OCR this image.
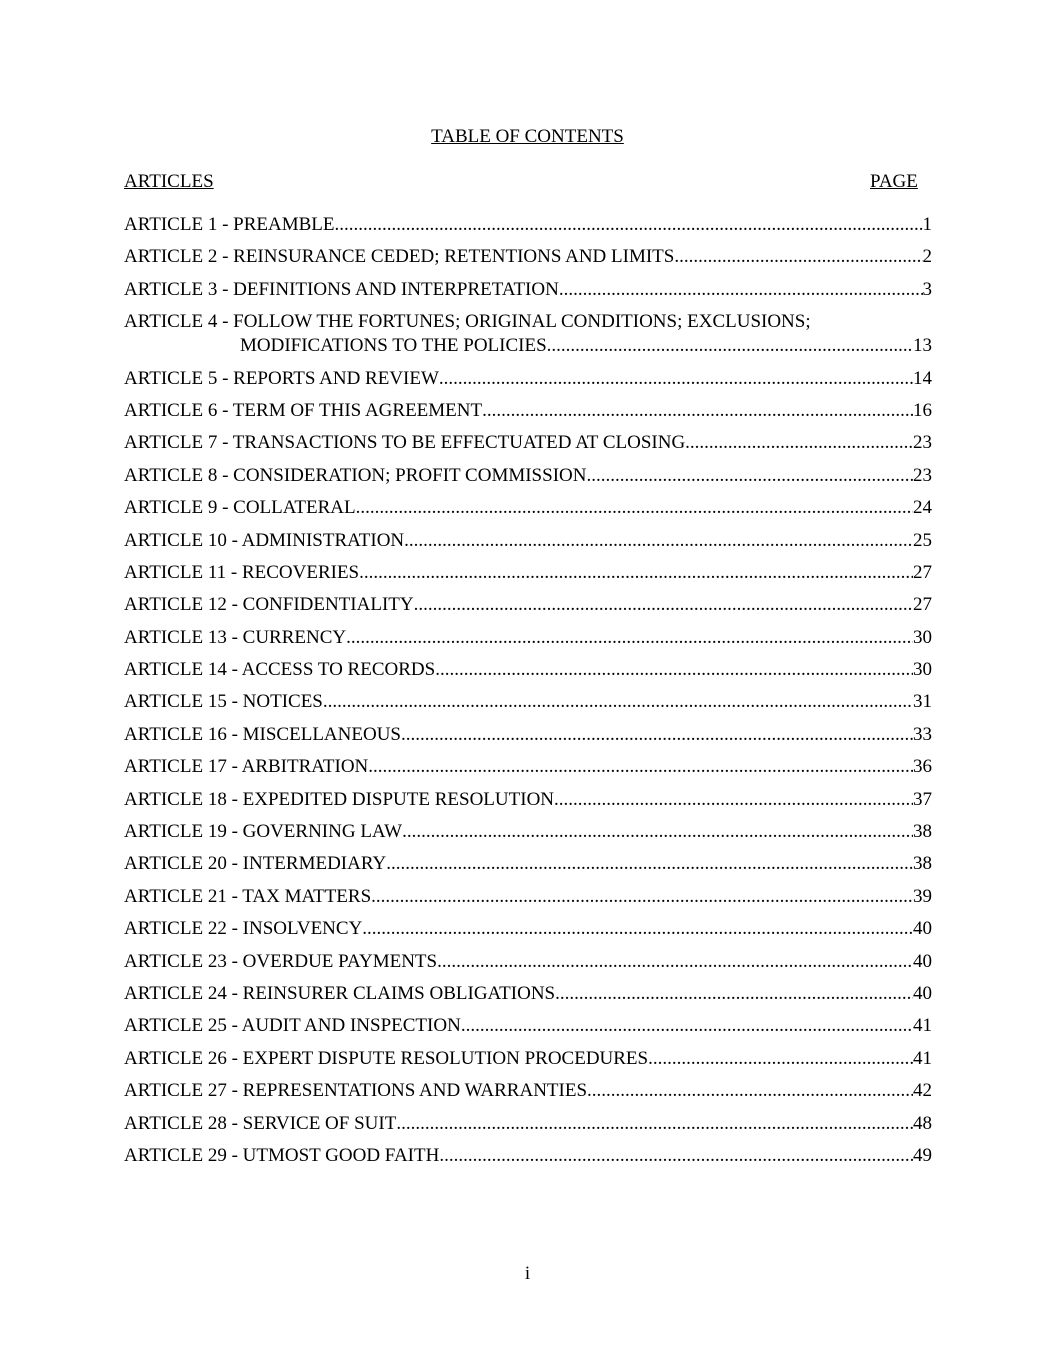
TABLE OF CONTENTS
ARTICLES	PAGE
ARTICLE 1 - PREAMBLE .....	1
ARTICLE 2 - REINSURANCE CEDED; RETENTIONS AND LIMITS .....	2
ARTICLE 3 - DEFINITIONS AND INTERPRETATION .....	3
ARTICLE 4 - FOLLOW THE FORTUNES; ORIGINAL CONDITIONS; EXCLUSIONS;
MODIFICATIONS TO THE POLICIES .....	13
ARTICLE 5 - REPORTS AND REVIEW .....	14
ARTICLE 6 - TERM OF THIS AGREEMENT .....	16
ARTICLE 7 - TRANSACTIONS TO BE EFFECTUATED AT CLOSING .....	23
ARTICLE 8 - CONSIDERATION; PROFIT COMMISSION .....	23
ARTICLE 9 - COLLATERAL .....	24
ARTICLE 10 - ADMINISTRATION .....	25
ARTICLE 11 - RECOVERIES .....	27
ARTICLE 12 - CONFIDENTIALITY .....	27
ARTICLE 13 - CURRENCY .....	30
ARTICLE 14 - ACCESS TO RECORDS .....	30
ARTICLE 15 - NOTICES .....	31
ARTICLE 16 - MISCELLANEOUS .....	33
ARTICLE 17 - ARBITRATION .....	36
ARTICLE 18 - EXPEDITED DISPUTE RESOLUTION .....	37
ARTICLE 19 - GOVERNING LAW .....	38
ARTICLE 20 - INTERMEDIARY .....	38
ARTICLE 21 - TAX MATTERS .....	39
ARTICLE 22 - INSOLVENCY .....	40
ARTICLE 23 - OVERDUE PAYMENTS .....	40
ARTICLE 24 - REINSURER CLAIMS OBLIGATIONS .....	40
ARTICLE 25 - AUDIT AND INSPECTION .....	41
ARTICLE 26 - EXPERT DISPUTE RESOLUTION PROCEDURES .....	41
ARTICLE 27 - REPRESENTATIONS AND WARRANTIES .....	42
ARTICLE 28 - SERVICE OF SUIT .....	48
ARTICLE 29 - UTMOST GOOD FAITH .....	49
i
